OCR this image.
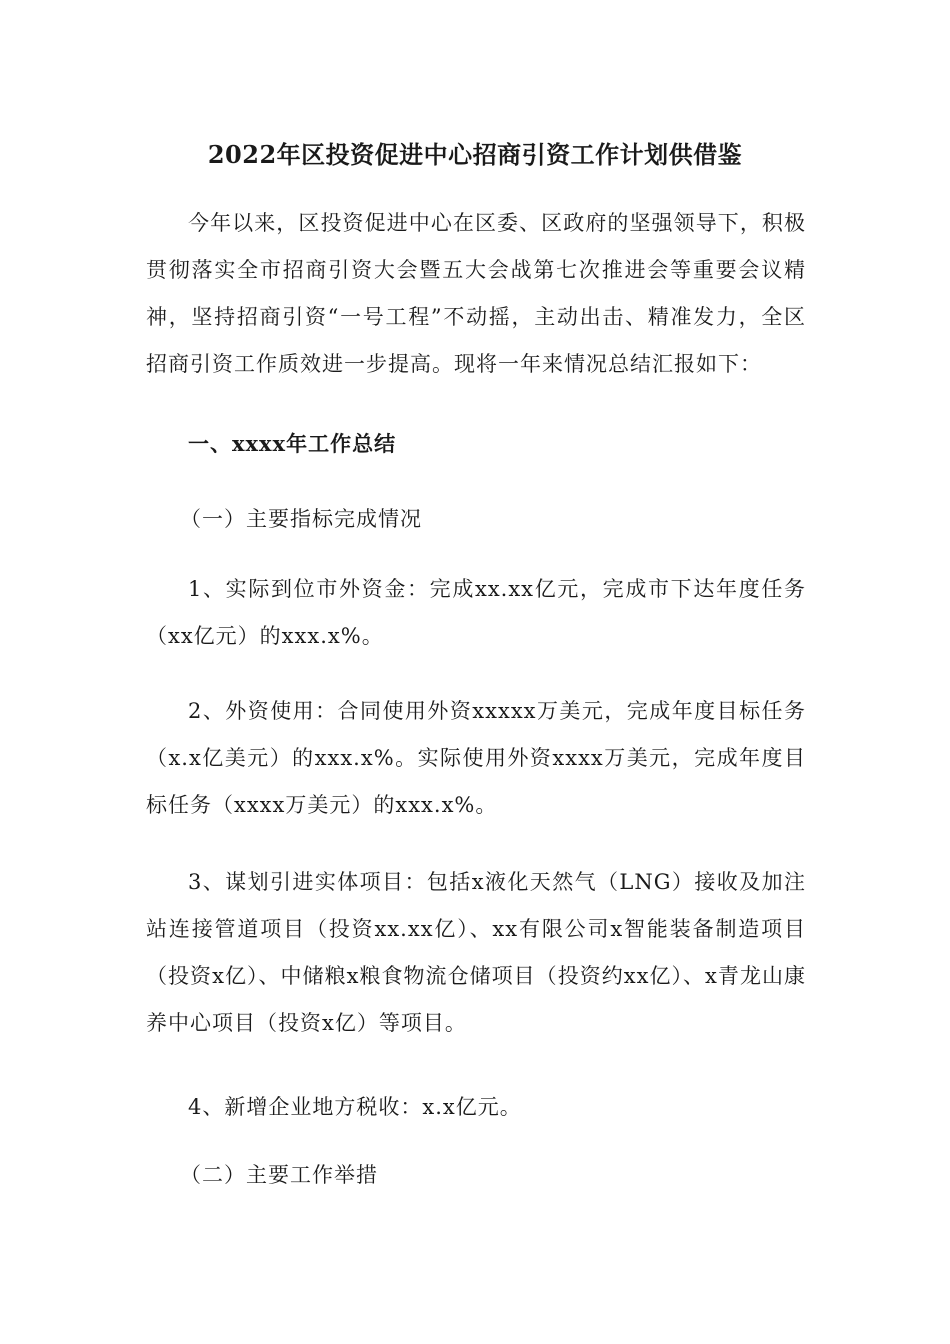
2022年区投资促进中心招商引资工作计划供借鉴

今年以来，区投资促进中心在区委、区政府的坚强领导下，积极贯彻落实全市招商引资大会暨五大会战第七次推进会等重要会议精神，坚持招商引资“一号工程”不动摇，主动出击、精准发力，全区招商引资工作质效进一步提高。现将一年来情况总结汇报如下：

一、xxxx年工作总结
（一）主要指标完成情况

1、实际到位市外资金：完成xx.xx亿元，完成市下达年度任务（xx亿元）的xxx.x%。

2、外资使用：合同使用外资xxxxx万美元，完成年度目标任务（x.x亿美元）的xxx.x%。实际使用外资xxxx万美元，完成年度目标任务（xxxx万美元）的xxx.x%。

3、谋划引进实体项目：包括x液化天然气（LNG）接收及加注站连接管道项目（投资xx.xx亿）、xx有限公司x智能装备制造项目（投资x亿）、中储粮x粮食物流仓储项目（投资约xx亿）、x青龙山康养中心项目（投资x亿）等项目。

4、新增企业地方税收：x.x亿元。
（二）主要工作举措
